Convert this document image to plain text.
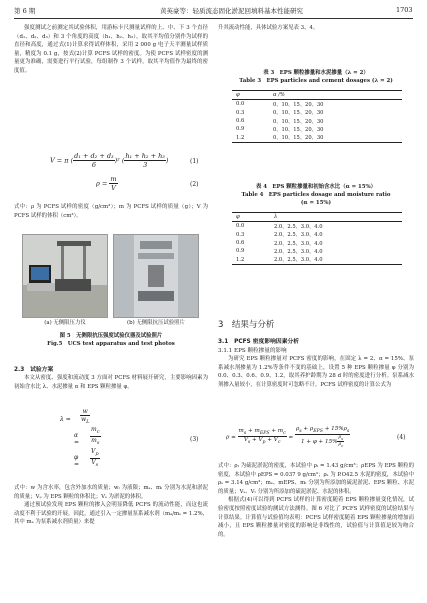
第 6 期	黄英豪等：轻质流态固化淤泥回填料基本性能研究	1703

强度测试之前测定其试验体积，用游标卡尺测量试样的上、中、下 3 个直径（d₁、d₂、d₃）和 3 个角度的高度（h₁、h₂、h₃），取其平均值分别作为试样的直径和高度，通过式(1)计算求得试样体积，采用 2 000 g 电子天平测量试样质量，精度为 0.1 g，按式(2)计算 PCFS 试样的密度。为使 PCFS 试样密度的测量更为准确，需要进行平行试验，每组制作 3 个试样，取其平均值作为最终的密度值。

V = π ( $\frac{\text{d₁ + d₂ + d₃}}{6} )^2$ ( $\frac{\text{h₁ + h₂ + h₃}}{3}$ )	(1)
$\rho = \frac{m}{V}$	(2)

式中：ρ 为 PCFS 试样的密度（g/cm³）；m 为 PCFS 试样的质量（g）；V 为 PCFS 试样的体积（cm³）。

(a) 无侧限压力仪	(b) 无侧限抗压试验照片
图 5　无侧限抗压强度试验仪器及试验照片
Fig.5　UCS test apparatus and test photos
2.3　试验方案

本文从密度、强度和流动度 3 方面对 PCFS 材料展开研究，主要影响因素为初始含水比 λ、水泥掺量 α 和 EPS 颗粒掺量 φ。

λ =	$\frac{w}{w_L}$
$\alpha = \frac{m_c}{m_s}$
$\varphi = \frac{V_p}{V_s}$
(3)

式中：w 为含水率，包含外加水的质量；wₗ 为液限；mₛ、mᵢ 分别为水泥和淤泥的质量；Vₚ 为 EPS 颗粒的体积比；Vₛ 为淤泥的体积。

通过预试验发现 EPS 颗粒的掺入会明显降低 PCFS 的流动性能，而这也流动度不利于试验的开展。因此，通过引入一定掺量泵系减水剂（mₐ/mₛ = 1.2%，其中 mₐ 为泵系减水剂质量）来提

升其流动性能，具体试验方案见表 3、4。

表 3　EPS 颗粒掺量和水泥掺量（λ = 2）
Table 3　EPS particles and cement dosages (λ = 2)
φ	α /%
0.0	0、10、15、20、30
0.3	0、10、15、20、30
0.6	0、10、15、20、30
0.9	0、10、15、20、30
1.2	0、10、15、20、30
表 4　EPS 颗粒掺量和初始含水比（α = 15%）
Table 4　EPS particles dosage and moisture ratio
(α = 15%)
φ	λ
0.0	2.0、2.5、3.0、4.0
0.3	2.0、2.5、3.0、4.0
0.6	2.0、2.5、3.0、4.0
0.9	2.0、2.5、3.0、4.0
1.2	2.0、2.5、3.0、4.0
3　结果与分析
3.1　PCFS 密度影响因素分析
3.1.1 EPS 颗粒掺量的影响

为研究 EPS 颗粒掺量对 PCFS 密度的影响，在固定 λ = 2、α = 15%、泵系减水剂掺量为 1.2%等条件不变的基础上，设置 5 种 EPS 颗粒掺量 φ 分别为 0.0、0.3、0.6、0.9、1.2，取其养护龄期为 28 d 时的密度进行分析。泵系减水剂掺入量较小，在计算密度时可忽略不计。PCFS 试样密度的计算公式为

$\rho = \frac{m_s + m_{EPS} + m_c}{V_s + V_p + V_c} = \frac{\rho_s + \rho_{EPS} + 15\%\rho_s}{1 + \varphi + 15\% \frac{\rho_s}{\rho_c}}$	(4)

式中：ρₜ 为硫泥淤泥的密度，本试验中 ρₜ = 1.43 g/cm³；ρEPS 为 EPS 颗粒的密度，本试验中 ρEPS = 0.037 9 g/cm³；ρₛ 为 P.O42.5 水泥的密度，本试验中 ρₛ = 3.14 g/cm³；mₛ、mEPS、mₜ 分别为所添加的硫泥淤泥、EPS 颗粒、水泥的质量；Vₛ、Vₜ 分别为所添加的硫泥淤泥、水泥的体积。

根据式(4)可以得到 PCFS 试样的计算密度随着 EPS 颗粒掺量变化情况，试验密度按照密度试验的测试方法测得。图 6 对比了 PCFS 试样密度的试验结果与计算结果。计算值与试验值均表明：PCFS 试样密度随着 EPS 颗粒掺量的增加而减小，且 EPS 颗粒掺量对密度的影响是非线性的，试验值与计算值是较为吻合的。
